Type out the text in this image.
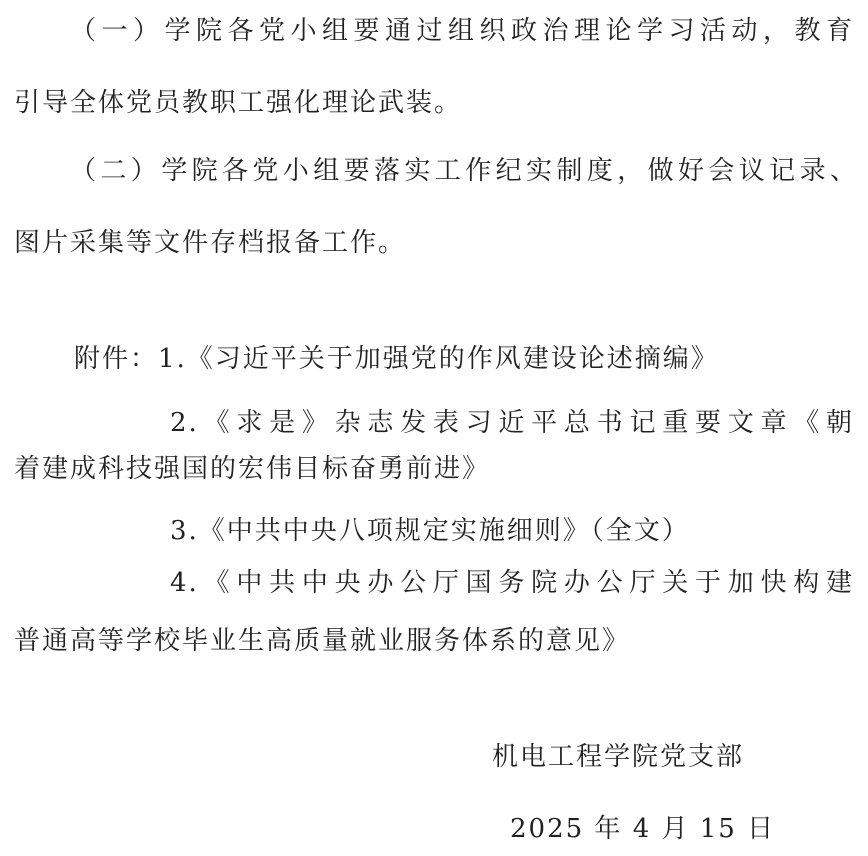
（一）学院各党小组要通过组织政治理论学习活动，教育
引导全体党员教职工强化理论武装。
（二）学院各党小组要落实工作纪实制度，做好会议记录、
图片采集等文件存档报备工作。
附件：1.《习近平关于加强党的作风建设论述摘编》
2.《求是》杂志发表习近平总书记重要文章《朝
着建成科技强国的宏伟目标奋勇前进》
3.《中共中央八项规定实施细则》（全文）
4.《中共中央办公厅国务院办公厅关于加快构建
普通高等学校毕业生高质量就业服务体系的意见》
机电工程学院党支部
2025 年 4 月 15 日
